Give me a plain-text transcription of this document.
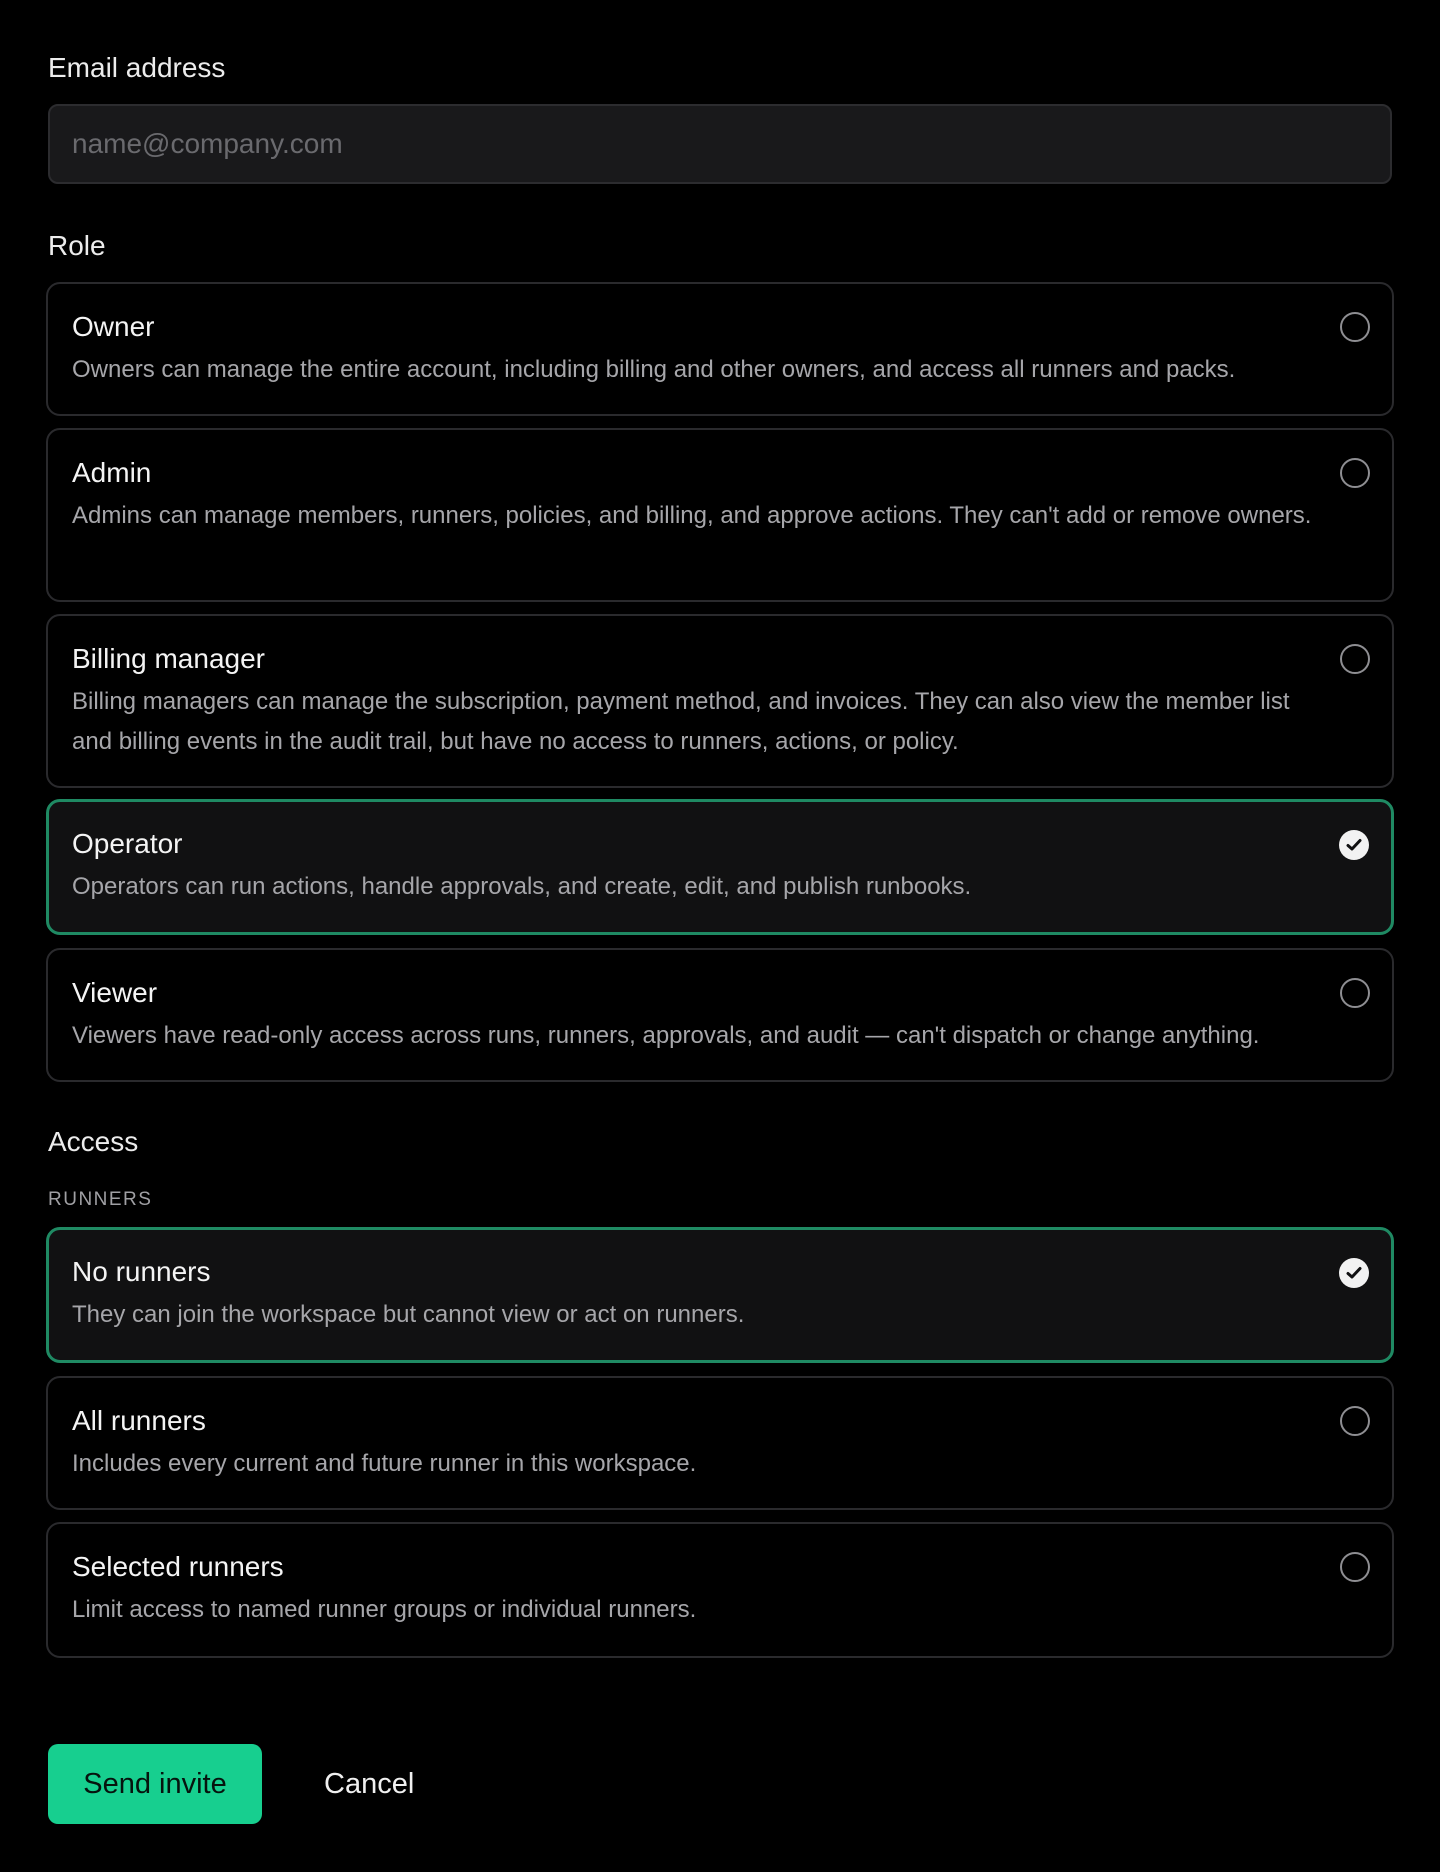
Email address
name@company.com
Role
Owner
Owners can manage the entire account, including billing and other owners, and access all runners and packs.
Admin
Admins can manage members, runners, policies, and billing, and approve actions. They can't add or remove owners.
Billing manager
Billing managers can manage the subscription, payment method, and invoices. They can also view the member list and billing events in the audit trail, but have no access to runners, actions, or policy.
Operator
Operators can run actions, handle approvals, and create, edit, and publish runbooks.
Viewer
Viewers have read-only access across runs, runners, approvals, and audit — can't dispatch or change anything.
Access
RUNNERS
No runners
They can join the workspace but cannot view or act on runners.
All runners
Includes every current and future runner in this workspace.
Selected runners
Limit access to named runner groups or individual runners.
Send invite	Cancel
